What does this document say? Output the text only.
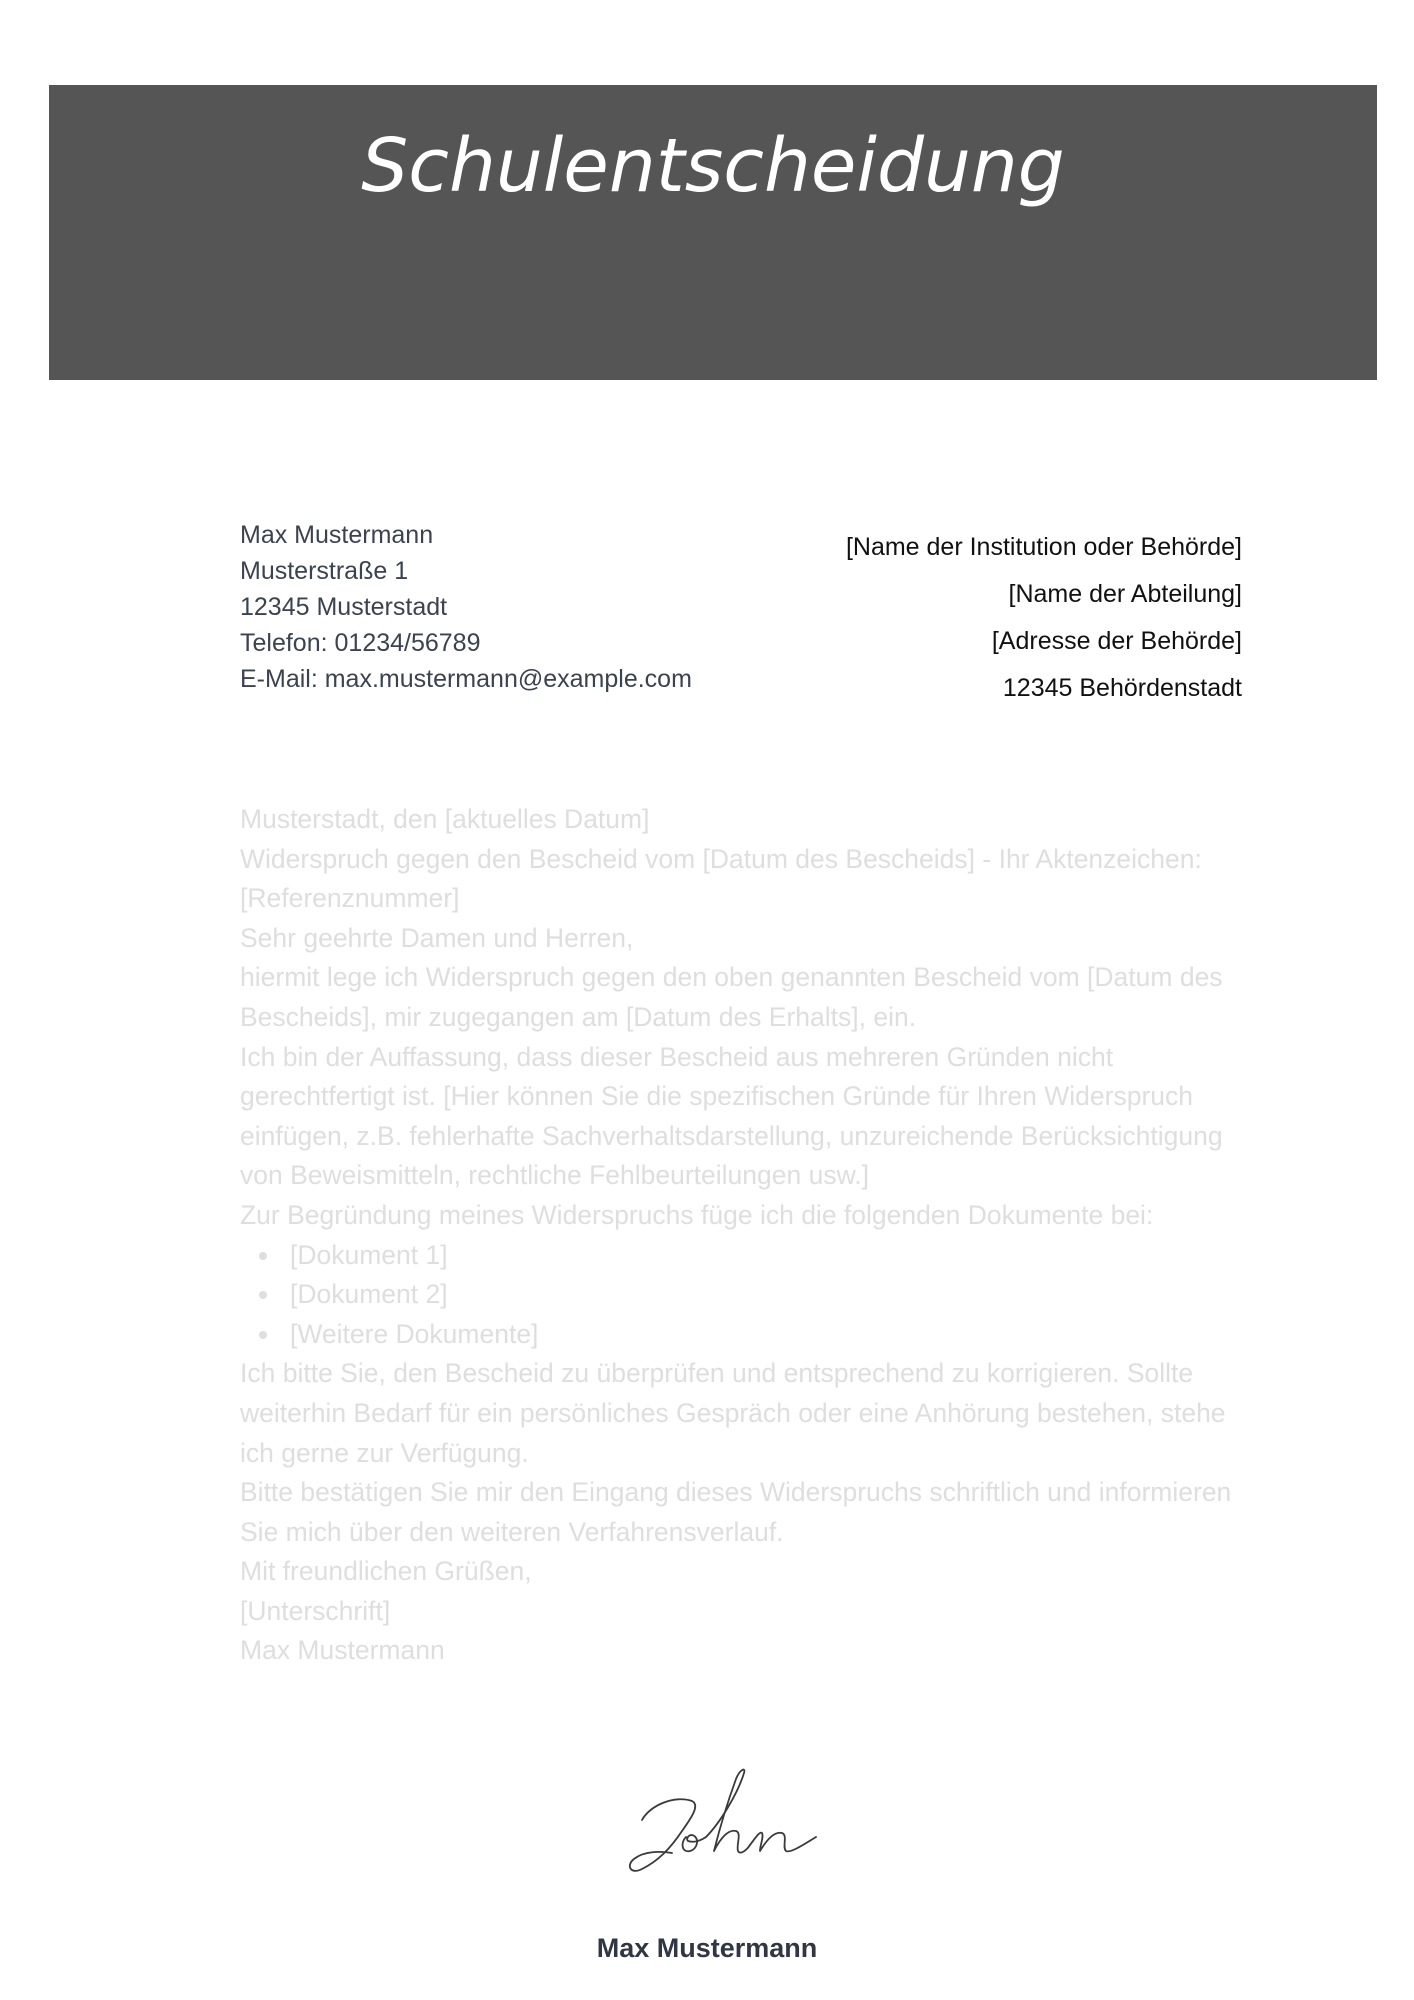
Schulentscheidung
Max Mustermann
Musterstraße 1
12345 Musterstadt
Telefon: 01234/56789
E-Mail: max.mustermann@example.com
[Name der Institution oder Behörde]
[Name der Abteilung]
[Adresse der Behörde]
12345 Behördenstadt

Musterstadt, den [aktuelles Datum]

Widerspruch gegen den Bescheid vom [Datum des Bescheids] - Ihr Aktenzeichen: [Referenznummer]

Sehr geehrte Damen und Herren,

hiermit lege ich Widerspruch gegen den oben genannten Bescheid vom [Datum des Bescheids], mir zugegangen am [Datum des Erhalts], ein.

Ich bin der Auffassung, dass dieser Bescheid aus mehreren Gründen nicht gerechtfertigt ist. [Hier können Sie die spezifischen Gründe für Ihren Widerspruch einfügen, z.B. fehlerhafte Sachverhaltsdarstellung, unzureichende Berücksichtigung von Beweismitteln, rechtliche Fehlbeurteilungen usw.]

Zur Begründung meines Widerspruchs füge ich die folgenden Dokumente bei:

[Dokument 1]
[Dokument 2]
[Weitere Dokumente]

Ich bitte Sie, den Bescheid zu überprüfen und entsprechend zu korrigieren. Sollte weiterhin Bedarf für ein persönliches Gespräch oder eine Anhörung bestehen, stehe ich gerne zur Verfügung.

Bitte bestätigen Sie mir den Eingang dieses Widerspruchs schriftlich und informieren Sie mich über den weiteren Verfahrensverlauf.

Mit freundlichen Grüßen,

[Unterschrift]

Max Mustermann

Max Mustermann
